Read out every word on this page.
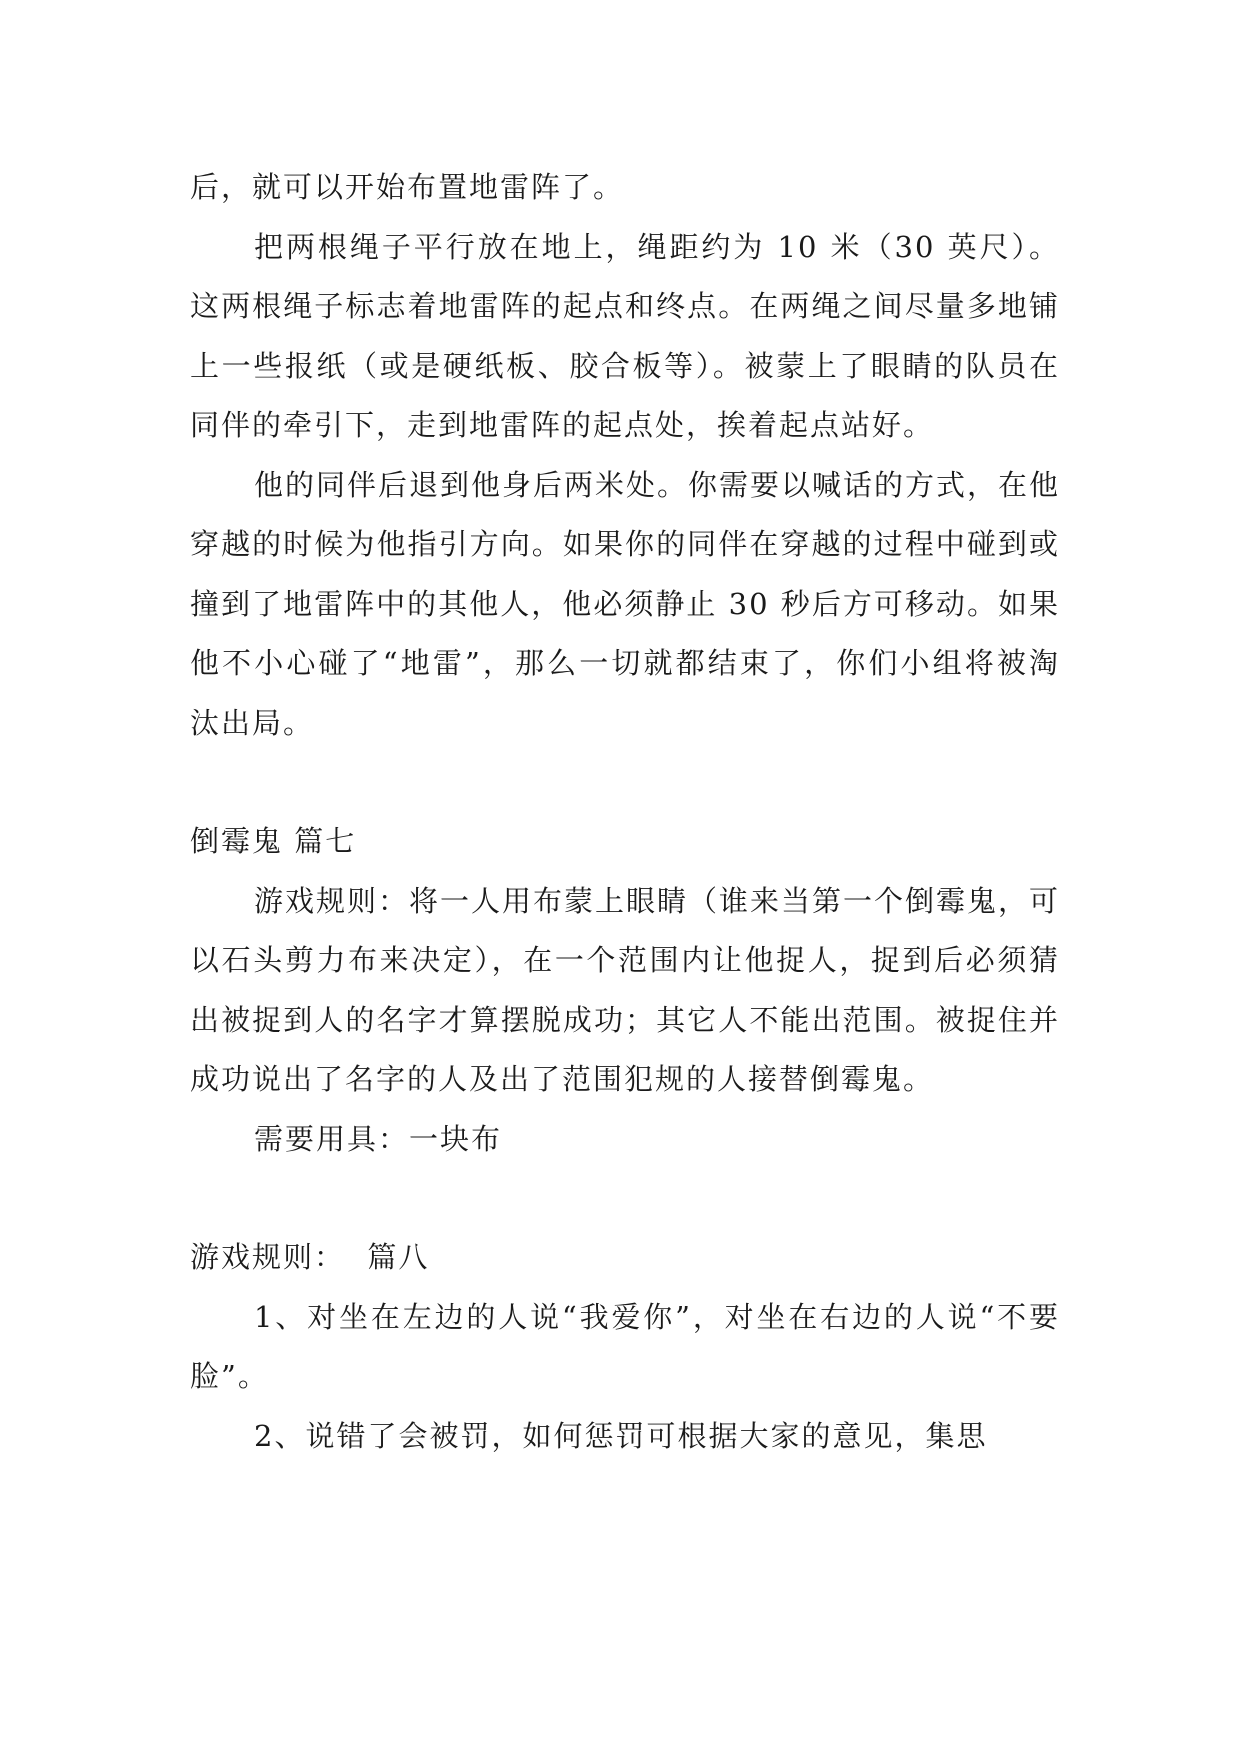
后，就可以开始布置地雷阵了。

把两根绳子平行放在地上，绳距约为 10 米（30 英尺）。这两根绳子标志着地雷阵的起点和终点。在两绳之间尽量多地铺上一些报纸（或是硬纸板、胶合板等）。被蒙上了眼睛的队员在同伴的牵引下，走到地雷阵的起点处，挨着起点站好。

他的同伴后退到他身后两米处。你需要以喊话的方式，在他穿越的时候为他指引方向。如果你的同伴在穿越的过程中碰到或撞到了地雷阵中的其他人，他必须静止 30 秒后方可移动。如果他不小心碰了“地雷”，那么一切就都结束了，你们小组将被淘汰出局。

倒霉鬼 篇七

游戏规则：将一人用布蒙上眼睛（谁来当第一个倒霉鬼，可以石头剪力布来决定），在一个范围内让他捉人，捉到后必须猜出被捉到人的名字才算摆脱成功；其它人不能出范围。被捉住并成功说出了名字的人及出了范围犯规的人接替倒霉鬼。

需要用具：一块布

游戏规则：  篇八

1、对坐在左边的人说“我爱你”，对坐在右边的人说“不要脸”。

2、说错了会被罚，如何惩罚可根据大家的意见，集思
